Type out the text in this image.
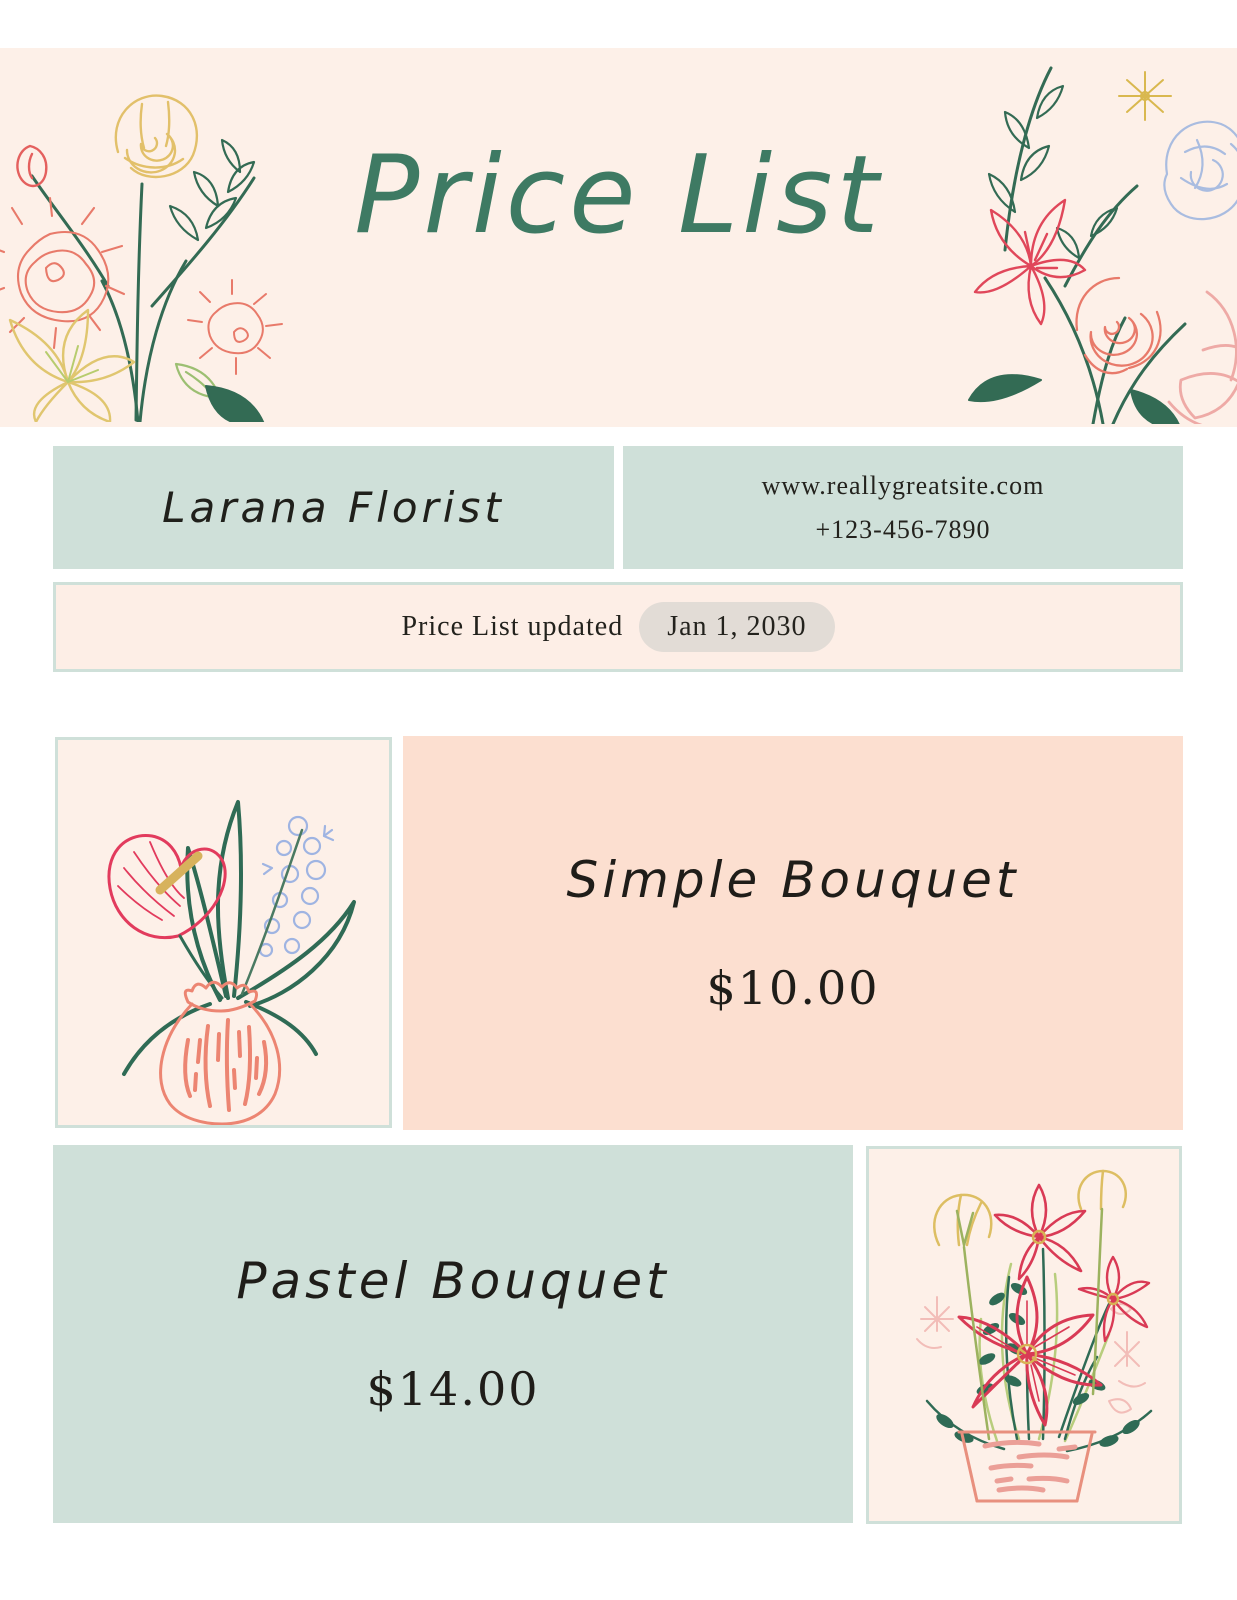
Price List
Larana Florist	www.reallygreatsite.com
+123-456-7890
Price List updated	Jan 1, 2030
Simple Bouquet
$10.00
Pastel Bouquet
$14.00
